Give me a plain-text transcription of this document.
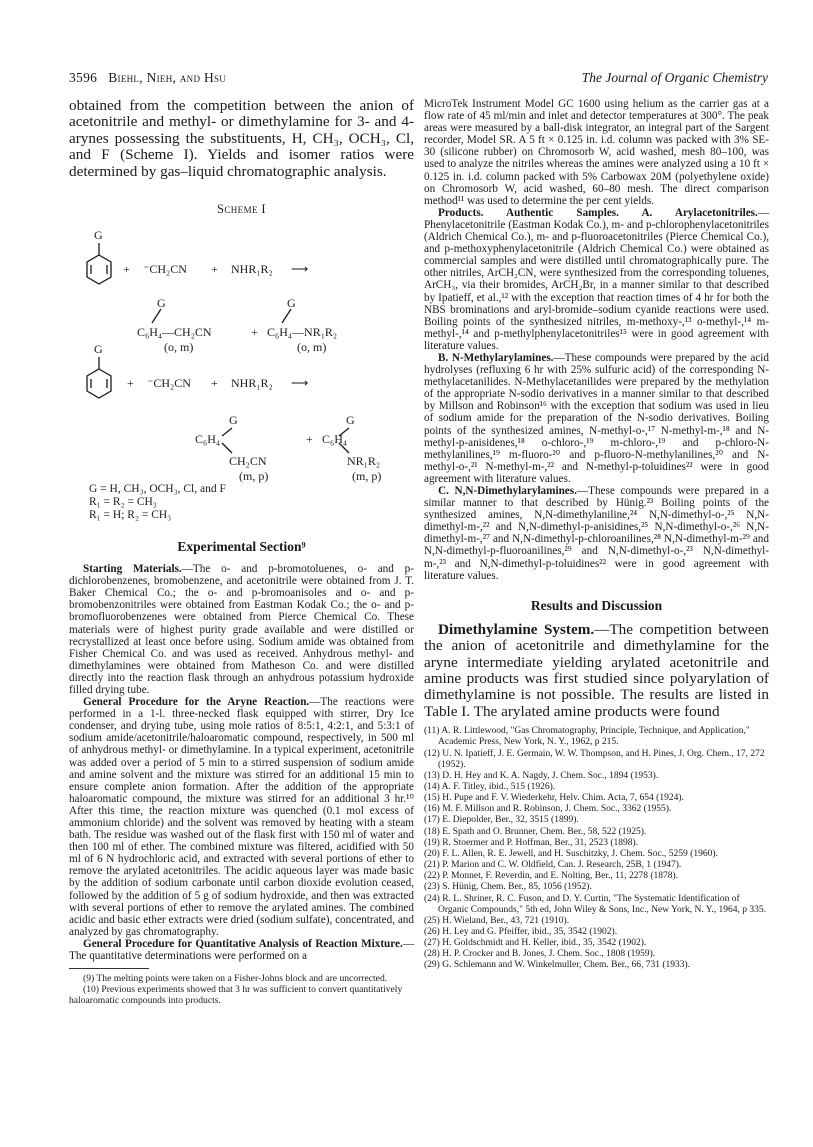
3596 Biehl, Nieh, and Hsu	The Journal of Organic Chemistry

obtained from the competition between the anion of acetonitrile and methyl- or dimethylamine for 3- and 4-arynes possessing the substituents, H, CH₃, OCH₃, Cl, and F (Scheme I). Yields and isomer ratios were determined by gas–liquid chromatographic analysis.

Scheme I

G
+ ⁻CH₂CN + NHR₁R₂ ⟶
G
C₆H₄—CH₂CN
(o, m)
+
G
C₆H₄—NR₁R₂
(o, m)
G
+ ⁻CH₂CN + NHR₁R₂ ⟶
G
C₆H₄
CH₂CN
(m, p)
+
G
C₆H₄
NR₁R₂
(m, p)
G = H, CH₃, OCH₃, Cl, and F
R₁ = R₂ = CH₃
R₁ = H; R₂ = CH₃

Experimental Section⁹

Starting Materials.—The o- and p-bromotoluenes, o- and p-dichlorobenzenes, bromobenzene, and acetonitrile were obtained from J. T. Baker Chemical Co.; the o- and p-bromoanisoles and o- and p-bromobenzonitriles were obtained from Eastman Kodak Co.; the o- and p-bromofluorobenzenes were obtained from Pierce Chemical Co. These materials were of highest purity grade available and were distilled or recrystallized at least once before using. Sodium amide was obtained from Fisher Chemical Co. and was used as received. Anhydrous methyl- and dimethylamines were obtained from Matheson Co. and were distilled directly into the reaction flask through an anhydrous potassium hydroxide filled drying tube.

General Procedure for the Aryne Reaction.—The reactions were performed in a 1-l. three-necked flask equipped with stirrer, Dry Ice condenser, and drying tube, using mole ratios of 8:5:1, 4:2:1, and 5:3:1 of sodium amide/acetonitrile/haloaromatic compound, respectively, in 500 ml of anhydrous methyl- or dimethylamine. In a typical experiment, acetonitrile was added over a period of 5 min to a stirred suspension of sodium amide and amine solvent and the mixture was stirred for an additional 15 min to ensure complete anion formation. After the addition of the appropriate haloaromatic compound, the mixture was stirred for an additional 3 hr.¹⁰ After this time, the reaction mixture was quenched (0.1 mol excess of ammonium chloride) and the solvent was removed by heating with a steam bath. The residue was washed out of the flask first with 150 ml of water and then 100 ml of ether. The combined mixture was filtered, acidified with 50 ml of 6 N hydrochloric acid, and extracted with several portions of ether to remove the arylated acetonitriles. The acidic aqueous layer was made basic by the addition of sodium carbonate until carbon dioxide evolution ceased, followed by the addition of 5 g of sodium hydroxide, and then was extracted with several portions of ether to remove the arylated amines. The combined acidic and basic ether extracts were dried (sodium sulfate), concentrated, and analyzed by gas chromatography.

General Procedure for Quantitative Analysis of Reaction Mixture.—The quantitative determinations were performed on a

(9) The melting points were taken on a Fisher-Johns block and are uncorrected.

(10) Previous experiments showed that 3 hr was sufficient to convert quantitatively haloaromatic compounds into products.

MicroTek Instrument Model GC 1600 using helium as the carrier gas at a flow rate of 45 ml/min and inlet and detector temperatures at 300°. The peak areas were measured by a ball-disk integrator, an integral part of the Sargent recorder, Model SR. A 5 ft × 0.125 in. i.d. column was packed with 3% SE-30 (silicone rubber) on Chromosorb W, acid washed, mesh 80–100, was used to analyze the nitriles whereas the amines were analyzed using a 10 ft × 0.125 in. i.d. column packed with 5% Carbowax 20M (polyethylene oxide) on Chromosorb W, acid washed, 60–80 mesh. The direct comparison method¹¹ was used to determine the per cent yields.

Products. Authentic Samples. A. Arylacetonitriles.—Phenylacetonitrile (Eastman Kodak Co.), m- and p-chlorophenylacetonitriles (Aldrich Chemical Co.), m- and p-fluoroacetonitriles (Pierce Chemical Co.), and p-methoxyphenylacetonitrile (Aldrich Chemical Co.) were obtained as commercial samples and were distilled until chromatographically pure. The other nitriles, ArCH₂CN, were synthesized from the corresponding toluenes, ArCH₃, via their bromides, ArCH₂Br, in a manner similar to that described by Ipatieff, et al.,¹² with the exception that reaction times of 4 hr for both the NBS brominations and aryl-bromide–sodium cyanide reactions were used. Boiling points of the synthesized nitriles, m-methoxy-,¹³ o-methyl-,¹⁴ m-methyl-,¹⁴ and p-methylphenylacetonitriles¹⁵ were in good agreement with literature values.

B. N-Methylarylamines.—These compounds were prepared by the acid hydrolyses (refluxing 6 hr with 25% sulfuric acid) of the corresponding N-methylacetanilides. N-Methylacetanilides were prepared by the methylation of the appropriate N-sodio derivatives in a manner similar to that described by Millson and Robinson¹⁶ with the exception that sodium was used in lieu of sodium amide for the preparation of the N-sodio derivatives. Boiling points of the synthesized amines, N-methyl-o-,¹⁷ N-methyl-m-,¹⁸ and N-methyl-p-anisidenes,¹⁸ o-chloro-,¹⁹ m-chloro-,¹⁹ and p-chloro-N-methylanilines,¹⁹ m-fluoro-²⁰ and p-fluoro-N-methylanilines,²⁰ and N-methyl-o-,²¹ N-methyl-m-,²² and N-methyl-p-toluidines²² were in good agreement with literature values.

C. N,N-Dimethylarylamines.—These compounds were prepared in a similar manner to that described by Hünig.²³ Boiling points of the synthesized amines, N,N-dimethylaniline,²⁴ N,N-dimethyl-o-,²⁵ N,N-dimethyl-m-,²² and N,N-dimethyl-p-anisidines,²⁵ N,N-dimethyl-o-,²⁶ N,N-dimethyl-m-,²⁷ and N,N-dimethyl-p-chloroanilines,²⁸ N,N-dimethyl-m-²⁹ and N,N-dimethyl-p-fluoroanilines,²⁹ and N,N-dimethyl-o-,²³ N,N-dimethyl-m-,²³ and N,N-dimethyl-p-toluidines²² were in good agreement with literature values.

Results and Discussion

Dimethylamine System.—The competition between the anion of acetonitrile and dimethylamine for the aryne intermediate yielding arylated acetonitrile and amine products was first studied since polyarylation of dimethylamine is not possible. The results are listed in Table I. The arylated amine products were found

(11) A. R. Littlewood, "Gas Chromatography, Principle, Technique, and Application," Academic Press, New York, N. Y., 1962, p 215.

(12) U. N. Ipatieff, J. E. Germain, W. W. Thompson, and H. Pines, J. Org. Chem., 17, 272 (1952).

(13) D. H. Hey and K. A. Nagdy, J. Chem. Soc., 1894 (1953).

(14) A. F. Titley, ibid., 515 (1926).

(15) H. Pupe and F. V. Wiederkehr, Helv. Chim. Acta, 7, 654 (1924).

(16) M. F. Millson and R. Robinson, J. Chem. Soc., 3362 (1955).

(17) E. Diepolder, Ber., 32, 3515 (1899).

(18) E. Spath and O. Brunner, Chem. Ber., 58, 522 (1925).

(19) R. Stoermer and P. Hoffman, Ber., 31, 2523 (1898).

(20) F. L. Allen, R. E. Jewell, and H. Suschitzky, J. Chem. Soc., 5259 (1960).

(21) P. Marion and C. W. Oldfield, Can. J. Research, 25B, 1 (1947).

(22) P. Monnet, F. Reverdin, and E. Nolting, Ber., 11, 2278 (1878).

(23) S. Hünig, Chem. Ber., 85, 1056 (1952).

(24) R. L. Shriner, R. C. Fuson, and D. Y. Curtin, "The Systematic Identification of Organic Compounds," 5th ed, John Wiley & Sons, Inc., New York, N. Y., 1964, p 335.

(25) H. Wieland, Ber., 43, 721 (1910).

(26) H. Ley and G. Pfeiffer, ibid., 35, 3542 (1902).

(27) H. Goldschmidt and H. Keller, ibid., 35, 3542 (1902).

(28) H. P. Crocker and B. Jones, J. Chem. Soc., 1808 (1959).

(29) G. Schlemann and W. Winkelmuller, Chem. Ber., 66, 731 (1933).
